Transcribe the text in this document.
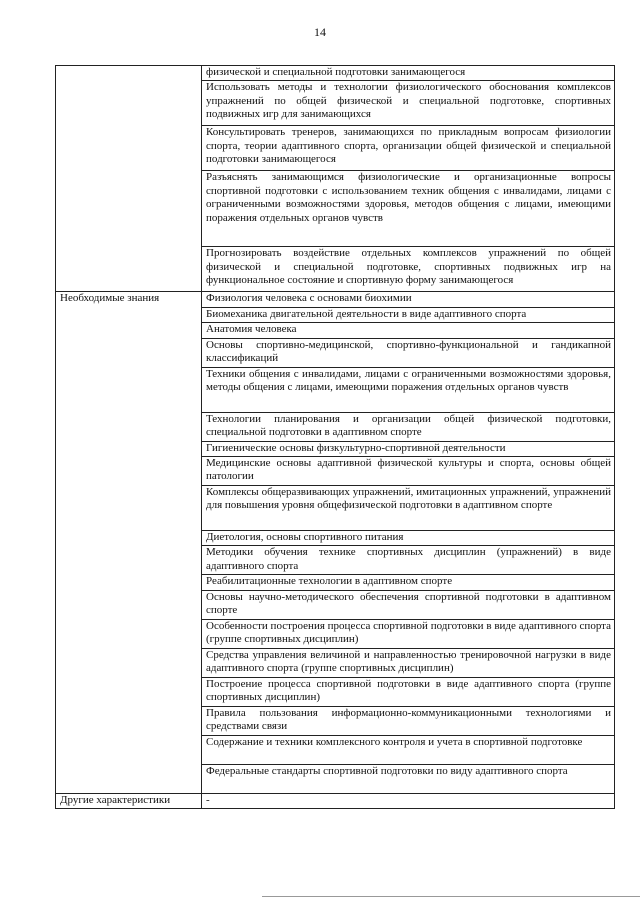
14
	физической и специальной подготовки занимающегося
	Использовать методы и технологии физиологического обоснования комплексов упражнений по общей физической и специальной подготовке, спортивных подвижных игр для занимающихся
	Консультировать тренеров, занимающихся по прикладным вопросам физиологии спорта, теории адаптивного спорта, организации общей физической и специальной подготовки занимающегося
	Разъяснять занимающимся физиологические и организационные вопросы спортивной подготовки с использованием техник общения с инвалидами, лицами с ограниченными возможностями здоровья, методов общения с лицами, имеющими поражения отдельных органов чувств
	Прогнозировать воздействие отдельных комплексов упражнений по общей физической и специальной подготовке, спортивных подвижных игр на функциональное состояние и спортивную форму занимающегося
Необходимые знания	Физиология человека с основами биохимии
	Биомеханика двигательной деятельности в виде адаптивного спорта
	Анатомия человека
	Основы спортивно-медицинской, спортивно-функциональной и гандикапной классификаций
	Техники общения с инвалидами, лицами с ограниченными возможностями здоровья, методы общения с лицами, имеющими поражения отдельных органов чувств
	Технологии планирования и организации общей физической подготовки, специальной подготовки в адаптивном спорте
	Гигиенические основы физкультурно-спортивной деятельности
	Медицинские основы адаптивной физической культуры и спорта, основы общей патологии
	Комплексы общеразвивающих упражнений, имитационных упражнений, упражнений для повышения уровня общефизической подготовки в адаптивном спорте
	Диетология, основы спортивного питания
	Методики обучения технике спортивных дисциплин (упражнений) в виде адаптивного спорта
	Реабилитационные технологии в адаптивном спорте
	Основы научно-методического обеспечения спортивной подготовки в адаптивном спорте
	Особенности построения процесса спортивной подготовки в виде адаптивного спорта (группе спортивных дисциплин)
	Средства управления величиной и направленностью тренировочной нагрузки в виде адаптивного спорта (группе спортивных дисциплин)
	Построение процесса спортивной подготовки в виде адаптивного спорта (группе спортивных дисциплин)
	Правила пользования информационно-коммуникационными технологиями и средствами связи
	Содержание и техники комплексного контроля и учета в спортивной подготовке
	Федеральные стандарты спортивной подготовки по виду адаптивного спорта
Другие характеристики	-
